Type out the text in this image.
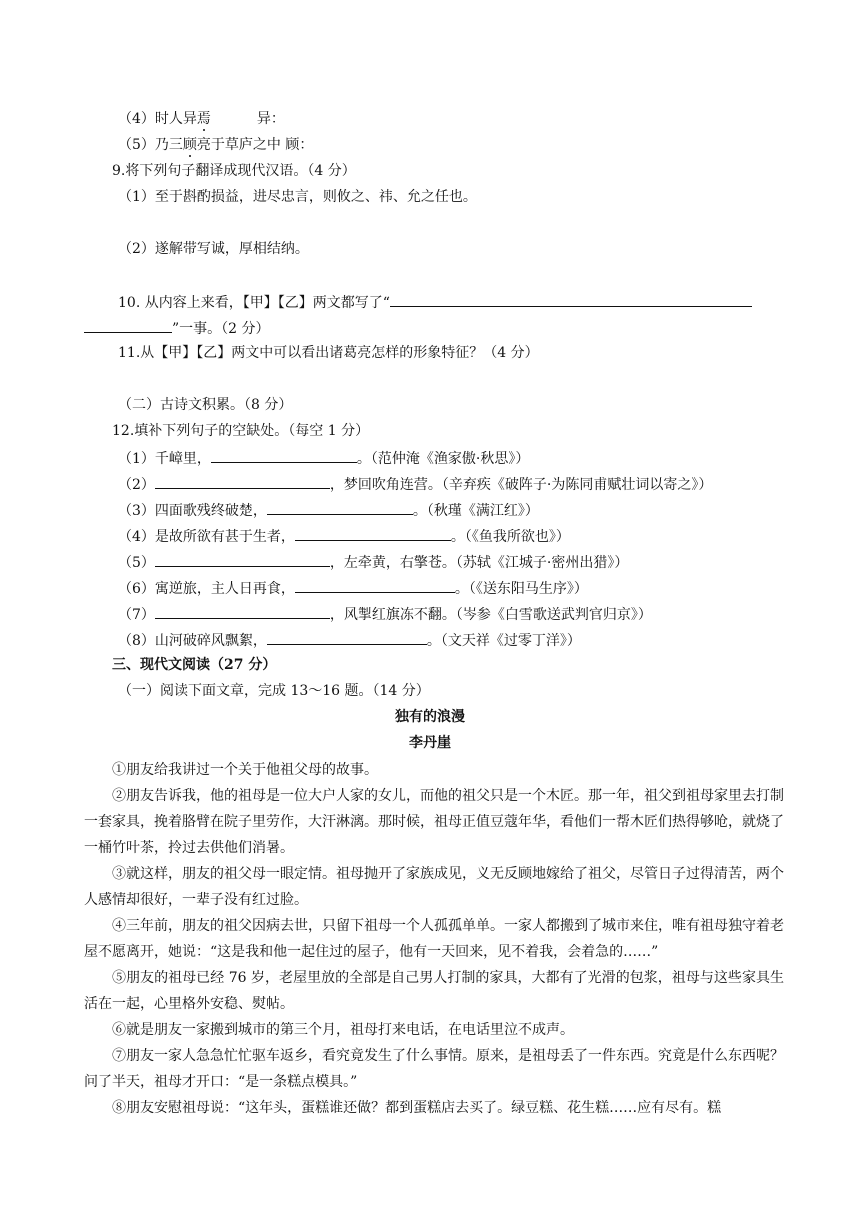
（4）时人异焉	异：
（5）乃三顾亮于草庐之中 顾：
9.将下列句子翻译成现代汉语。（4 分）
（1）至于斟酌损益，进尽忠言，则攸之、祎、允之任也。
（2）遂解带写诚，厚相结纳。
10. 从内容上来看，【甲】【乙】两文都写了“
”一事。（2 分）
11.从【甲】【乙】两文中可以看出诸葛亮怎样的形象特征？（4 分）
（二）古诗文积累。（8 分）
12.填补下列句子的空缺处。（每空 1 分）
（1）千嶂里，	。（范仲淹《渔家傲·秋思》）
（2）	，梦回吹角连营。（辛弃疾《破阵子·为陈同甫赋壮词以寄之》）
（3）四面歌残终破楚，	。（秋瑾《满江红》）
（4）是故所欲有甚于生者，	。（《鱼我所欲也》）
（5）	，左牵黄，右擎苍。（苏轼《江城子·密州出猎》）
（6）寓逆旅，主人日再食，	。（《送东阳马生序》）
（7）	，风掣红旗冻不翻。（岑参《白雪歌送武判官归京》）
（8）山河破碎风飘絮，	。（文天祥《过零丁洋》）
三、现代文阅读（27 分）
（一）阅读下面文章，完成 13～16 题。（14 分）
独有的浪漫
李丹崖
①朋友给我讲过一个关于他祖父母的故事。
②朋友告诉我，他的祖母是一位大户人家的女儿，而他的祖父只是一个木匠。那一年，祖父到祖母家里去打制一套家具，挽着胳臂在院子里劳作，大汗淋漓。那时候，祖母正值豆蔻年华，看他们一帮木匠们热得够呛，就烧了一桶竹叶茶，拎过去供他们消暑。
③就这样，朋友的祖父母一眼定情。祖母抛开了家族成见，义无反顾地嫁给了祖父，尽管日子过得清苦，两个人感情却很好，一辈子没有红过脸。
④三年前，朋友的祖父因病去世，只留下祖母一个人孤孤单单。一家人都搬到了城市来住，唯有祖母独守着老屋不愿离开，她说：“这是我和他一起住过的屋子，他有一天回来，见不着我，会着急的……”
⑤朋友的祖母已经 76 岁，老屋里放的全部是自己男人打制的家具，大都有了光滑的包浆，祖母与这些家具生活在一起，心里格外安稳、熨帖。
⑥就是朋友一家搬到城市的第三个月，祖母打来电话，在电话里泣不成声。
⑦朋友一家人急急忙忙驱车返乡，看究竟发生了什么事情。原来，是祖母丢了一件东西。究竟是什么东西呢？问了半天，祖母才开口：“是一条糕点模具。”
⑧朋友安慰祖母说：“这年头，蛋糕谁还做？都到蛋糕店去买了。绿豆糕、花生糕……应有尽有。糕
